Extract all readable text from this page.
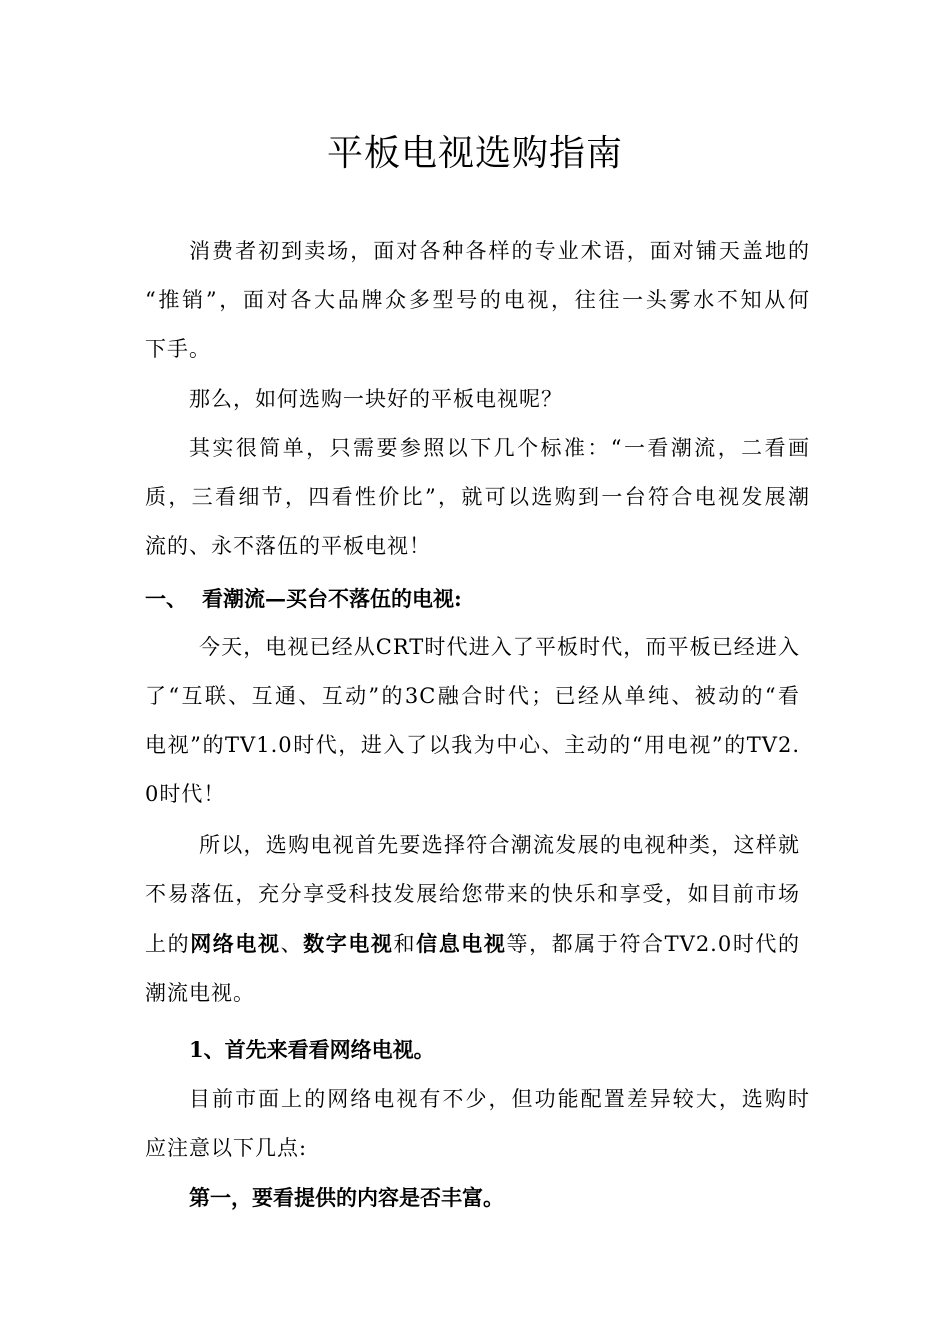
平板电视选购指南
消费者初到卖场，面对各种各样的专业术语，面对铺天盖地的
“推销”，面对各大品牌众多型号的电视，往往一头雾水不知从何
下手。
那么，如何选购一块好的平板电视呢？
其实很简单，只需要参照以下几个标准：“一看潮流，二看画
质，三看细节，四看性价比”，就可以选购到一台符合电视发展潮
流的、永不落伍的平板电视！
一、 看潮流—买台不落伍的电视:
今天，电视已经从CRT时代进入了平板时代，而平板已经进入
了“互联、互通、互动”的3C融合时代；已经从单纯、被动的“看
电视”的TV1.0时代，进入了以我为中心、主动的“用电视”的TV2.
0时代！
所以，选购电视首先要选择符合潮流发展的电视种类，这样就
不易落伍，充分享受科技发展给您带来的快乐和享受，如目前市场
上的网络电视、数字电视和信息电视等，都属于符合TV2.0时代的
潮流电视。
1、首先来看看网络电视。
目前市面上的网络电视有不少，但功能配置差异较大，选购时
应注意以下几点:
第一，要看提供的内容是否丰富。
